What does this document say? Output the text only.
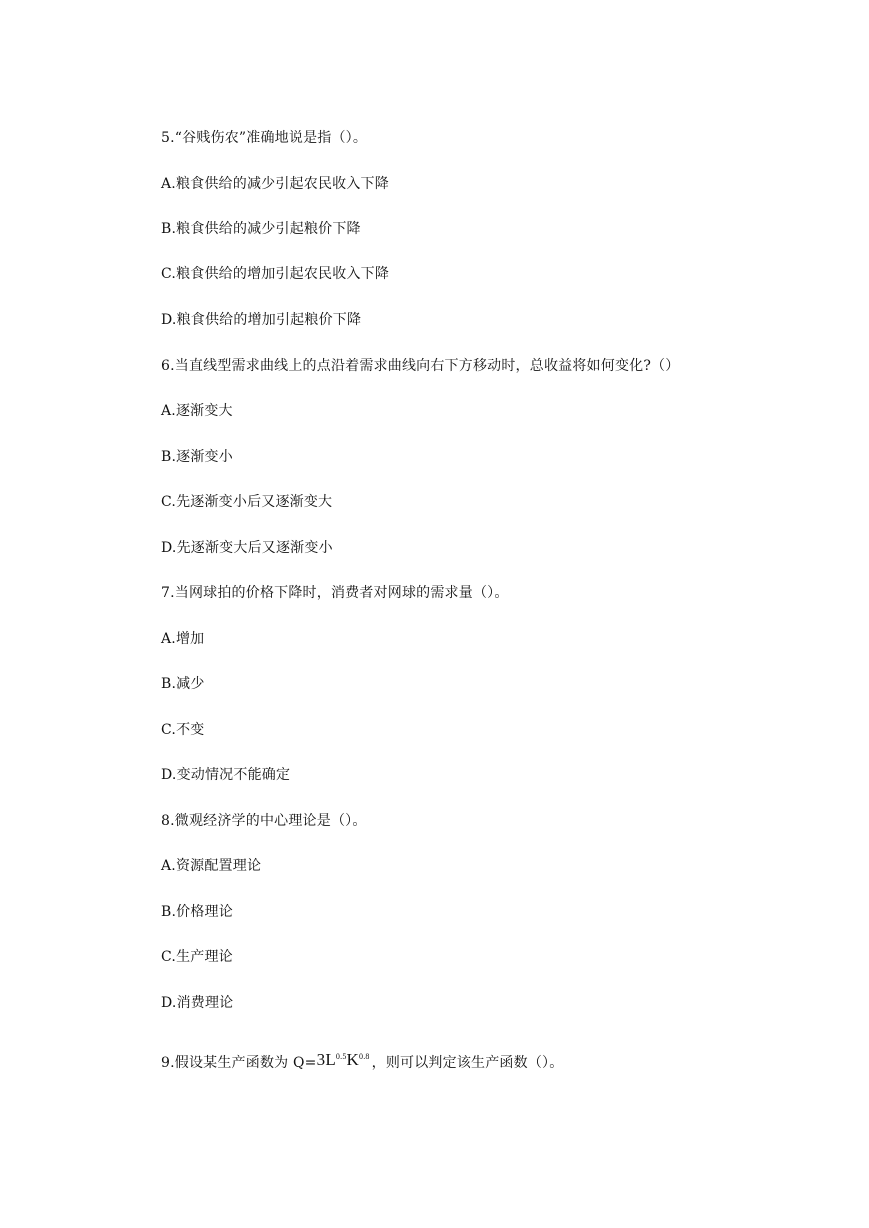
5.“谷贱伤农”准确地说是指（）。
A.粮食供给的减少引起农民收入下降
B.粮食供给的减少引起粮价下降
C.粮食供给的增加引起农民收入下降
D.粮食供给的增加引起粮价下降
6.当直线型需求曲线上的点沿着需求曲线向右下方移动时，总收益将如何变化?（）
A.逐渐变大
B.逐渐变小
C.先逐渐变小后又逐渐变大
D.先逐渐变大后又逐渐变小
7.当网球拍的价格下降时，消费者对网球的需求量（）。
A.增加
B.减少
C.不变
D.变动情况不能确定
8.微观经济学的中心理论是（）。
A.资源配置理论
B.价格理论
C.生产理论
D.消费理论
9.假设某生产函数为 $Q=3L^{0.5}K^{0.8}$ ，则可以判定该生产函数（）。
